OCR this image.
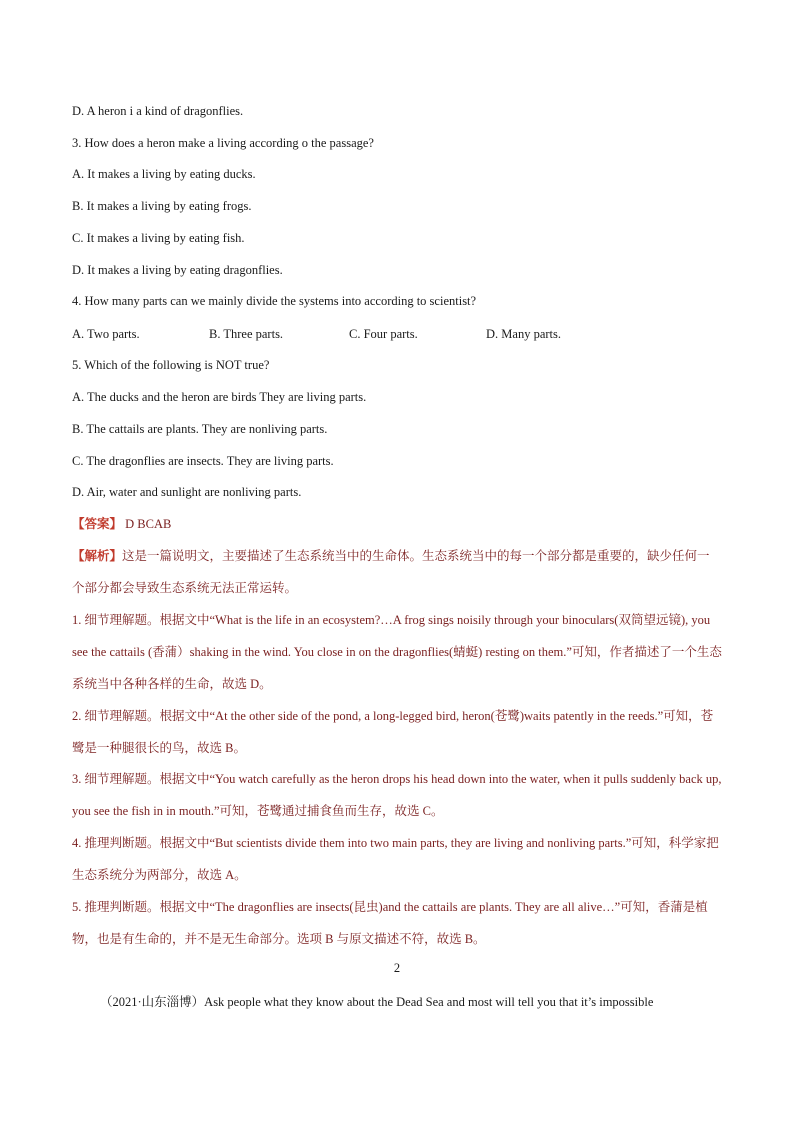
D. A heron i a kind of dragonflies.
3. How does a heron make a living according o the passage?
A. It makes a living by eating ducks.
B. It makes a living by eating frogs.
C. It makes a living by eating fish.
D. It makes a living by eating dragonflies.
4. How many parts can we mainly divide the systems into according to scientist?
A. Two parts.	B. Three parts.	C. Four parts.	D. Many parts.
5. Which of the following is NOT true?
A. The ducks and the heron are birds They are living parts.
B. The cattails are plants. They are nonliving parts.
C. The dragonflies are insects. They are living parts.
D. Air, water and sunlight are nonliving parts.
【答案】 D BCAB
【解析】这是一篇说明文，主要描述了生态系统当中的生命体。生态系统当中的每一个部分都是重要的，缺少任何一个部分都会导致生态系统无法正常运转。
1. 细节理解题。根据文中“What is the life in an ecosystem?…A frog sings noisily through your binoculars(双筒望远镜), you see the cattails (香蒲）shaking in the wind. You close in on the dragonflies(蜻蜓) resting on them.”可知，作者描述了一个生态系统当中各种各样的生命，故选 D。
2. 细节理解题。根据文中“At the other side of the pond, a long-legged bird, heron(苍鹭)waits patently in the reeds.”可知，苍鹭是一种腿很长的鸟，故选 B。
3. 细节理解题。根据文中“You watch carefully as the heron drops his head down into the water, when it pulls suddenly back up, you see the fish in in mouth.”可知，苍鹭通过捕食鱼而生存，故选 C。
4. 推理判断题。根据文中“But scientists divide them into two main parts, they are living and nonliving parts.”可知，科学家把生态系统分为两部分，故选 A。
5. 推理判断题。根据文中“The dragonflies are insects(昆虫)and the cattails are plants. They are all alive…”可知，香蒲是植物，也是有生命的，并不是无生命部分。选项 B 与原文描述不符，故选 B。
2
（2021·山东淄博）Ask people what they know about the Dead Sea and most will tell you that it’s impossible
